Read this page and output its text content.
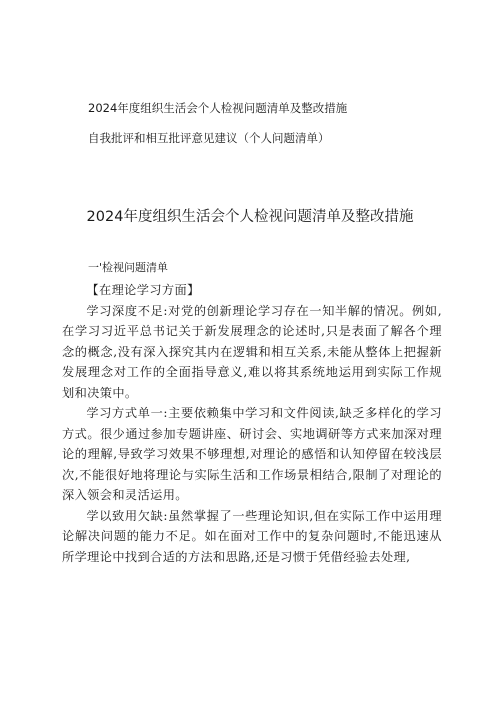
2024年度组织生活会个人检视问题清单及整改措施
自我批评和相互批评意见建议（个人问题清单）
2024年度组织生活会个人检视问题清单及整改措施
一'检视问题清单

【在理论学习方面】

学习深度不足:对党的创新理论学习存在一知半解的情况。例如,在学习习近平总书记关于新发展理念的论述时,只是表面了解各个理念的概念,没有深入探究其内在逻辑和相互关系,未能从整体上把握新发展理念对工作的全面指导意义,难以将其系统地运用到实际工作规划和决策中。

学习方式单一:主要依赖集中学习和文件阅读,缺乏多样化的学习方式。很少通过参加专题讲座、研讨会、实地调研等方式来加深对理论的理解,导致学习效果不够理想,对理论的感悟和认知停留在较浅层次,不能很好地将理论与实际生活和工作场景相结合,限制了对理论的深入领会和灵活运用。

学以致用欠缺:虽然掌握了一些理论知识,但在实际工作中运用理论解决问题的能力不足。如在面对工作中的复杂问题时,不能迅速从所学理论中找到合适的方法和思路,还是习惯于凭借经验去处理,
